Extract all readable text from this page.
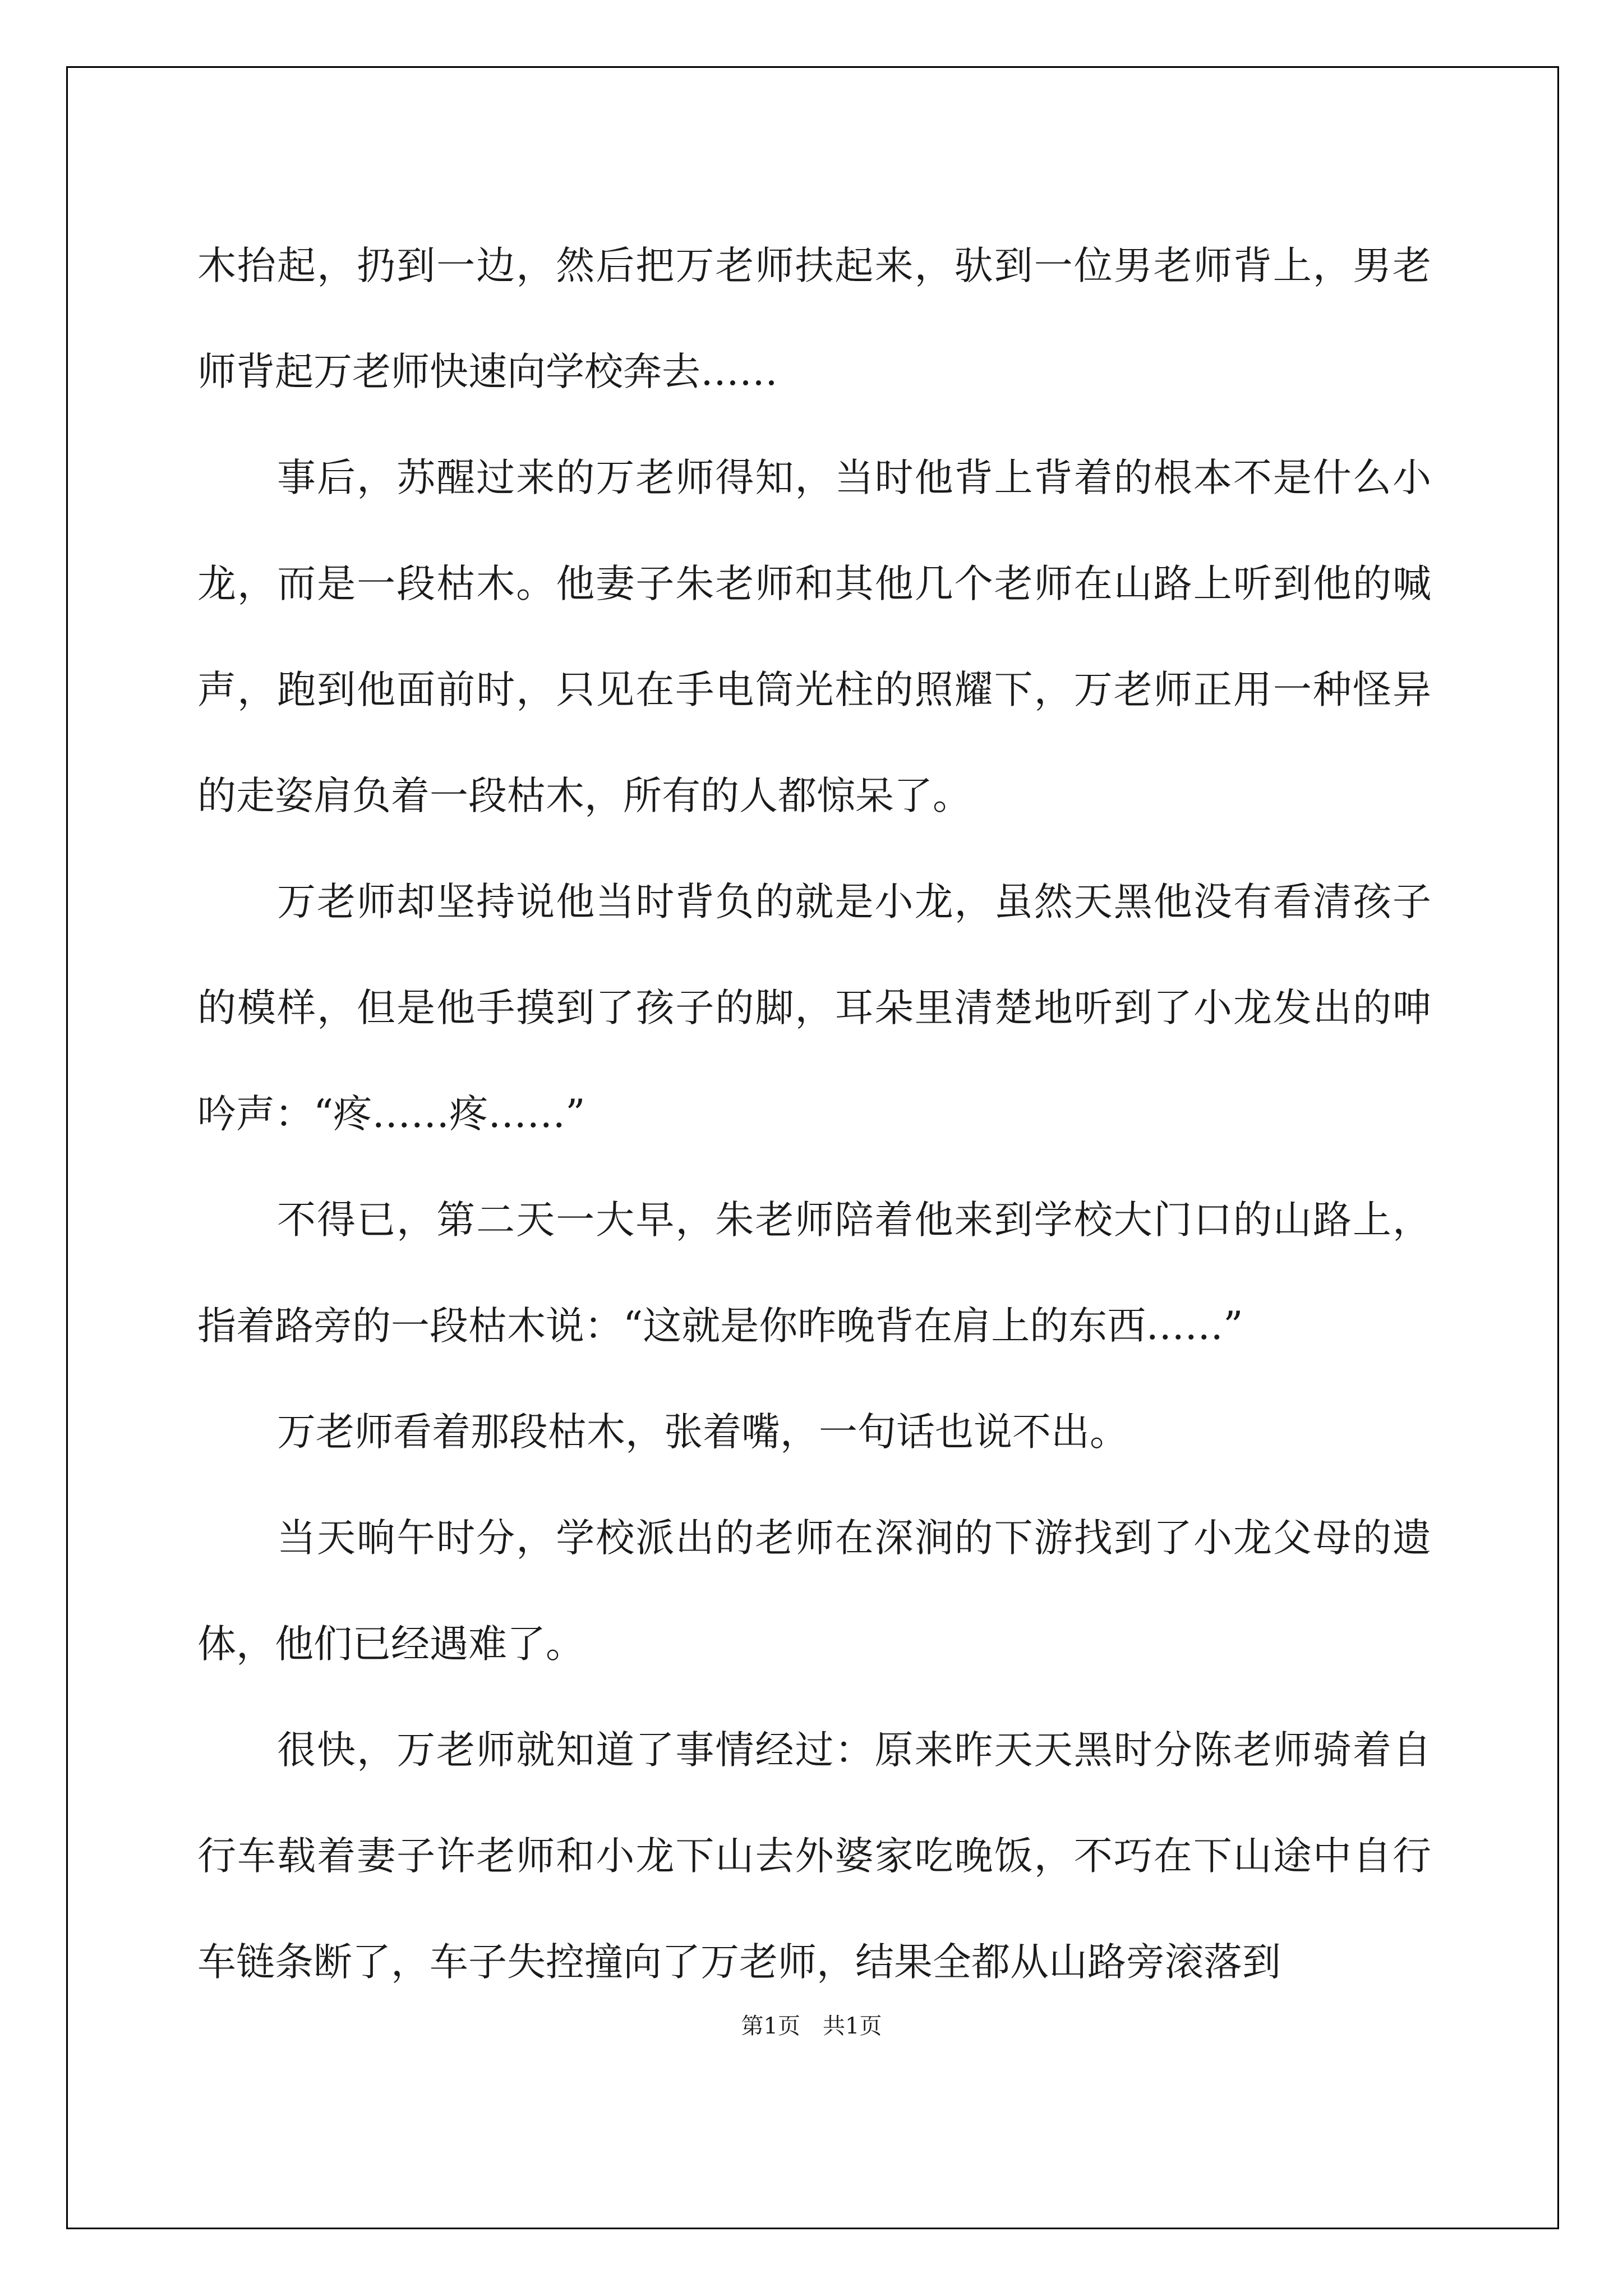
木抬起，扔到一边，然后把万老师扶起来，驮到一位男老师背上，男老师背起万老师快速向学校奔去……

事后，苏醒过来的万老师得知，当时他背上背着的根本不是什么小龙，而是一段枯木。他妻子朱老师和其他几个老师在山路上听到他的喊声，跑到他面前时，只见在手电筒光柱的照耀下，万老师正用一种怪异的走姿肩负着一段枯木，所有的人都惊呆了。

万老师却坚持说他当时背负的就是小龙，虽然天黑他没有看清孩子的模样，但是他手摸到了孩子的脚，耳朵里清楚地听到了小龙发出的呻吟声：“疼……疼……”

不得已，第二天一大早，朱老师陪着他来到学校大门口的山路上，指着路旁的一段枯木说：“这就是你昨晚背在肩上的东西……”

万老师看着那段枯木，张着嘴，一句话也说不出。

当天晌午时分，学校派出的老师在深涧的下游找到了小龙父母的遗体，他们已经遇难了。

很快，万老师就知道了事情经过：原来昨天天黑时分陈老师骑着自行车载着妻子许老师和小龙下山去外婆家吃晚饭，不巧在下山途中自行车链条断了，车子失控撞向了万老师，结果全都从山路旁滚落到

第1页　共1页
